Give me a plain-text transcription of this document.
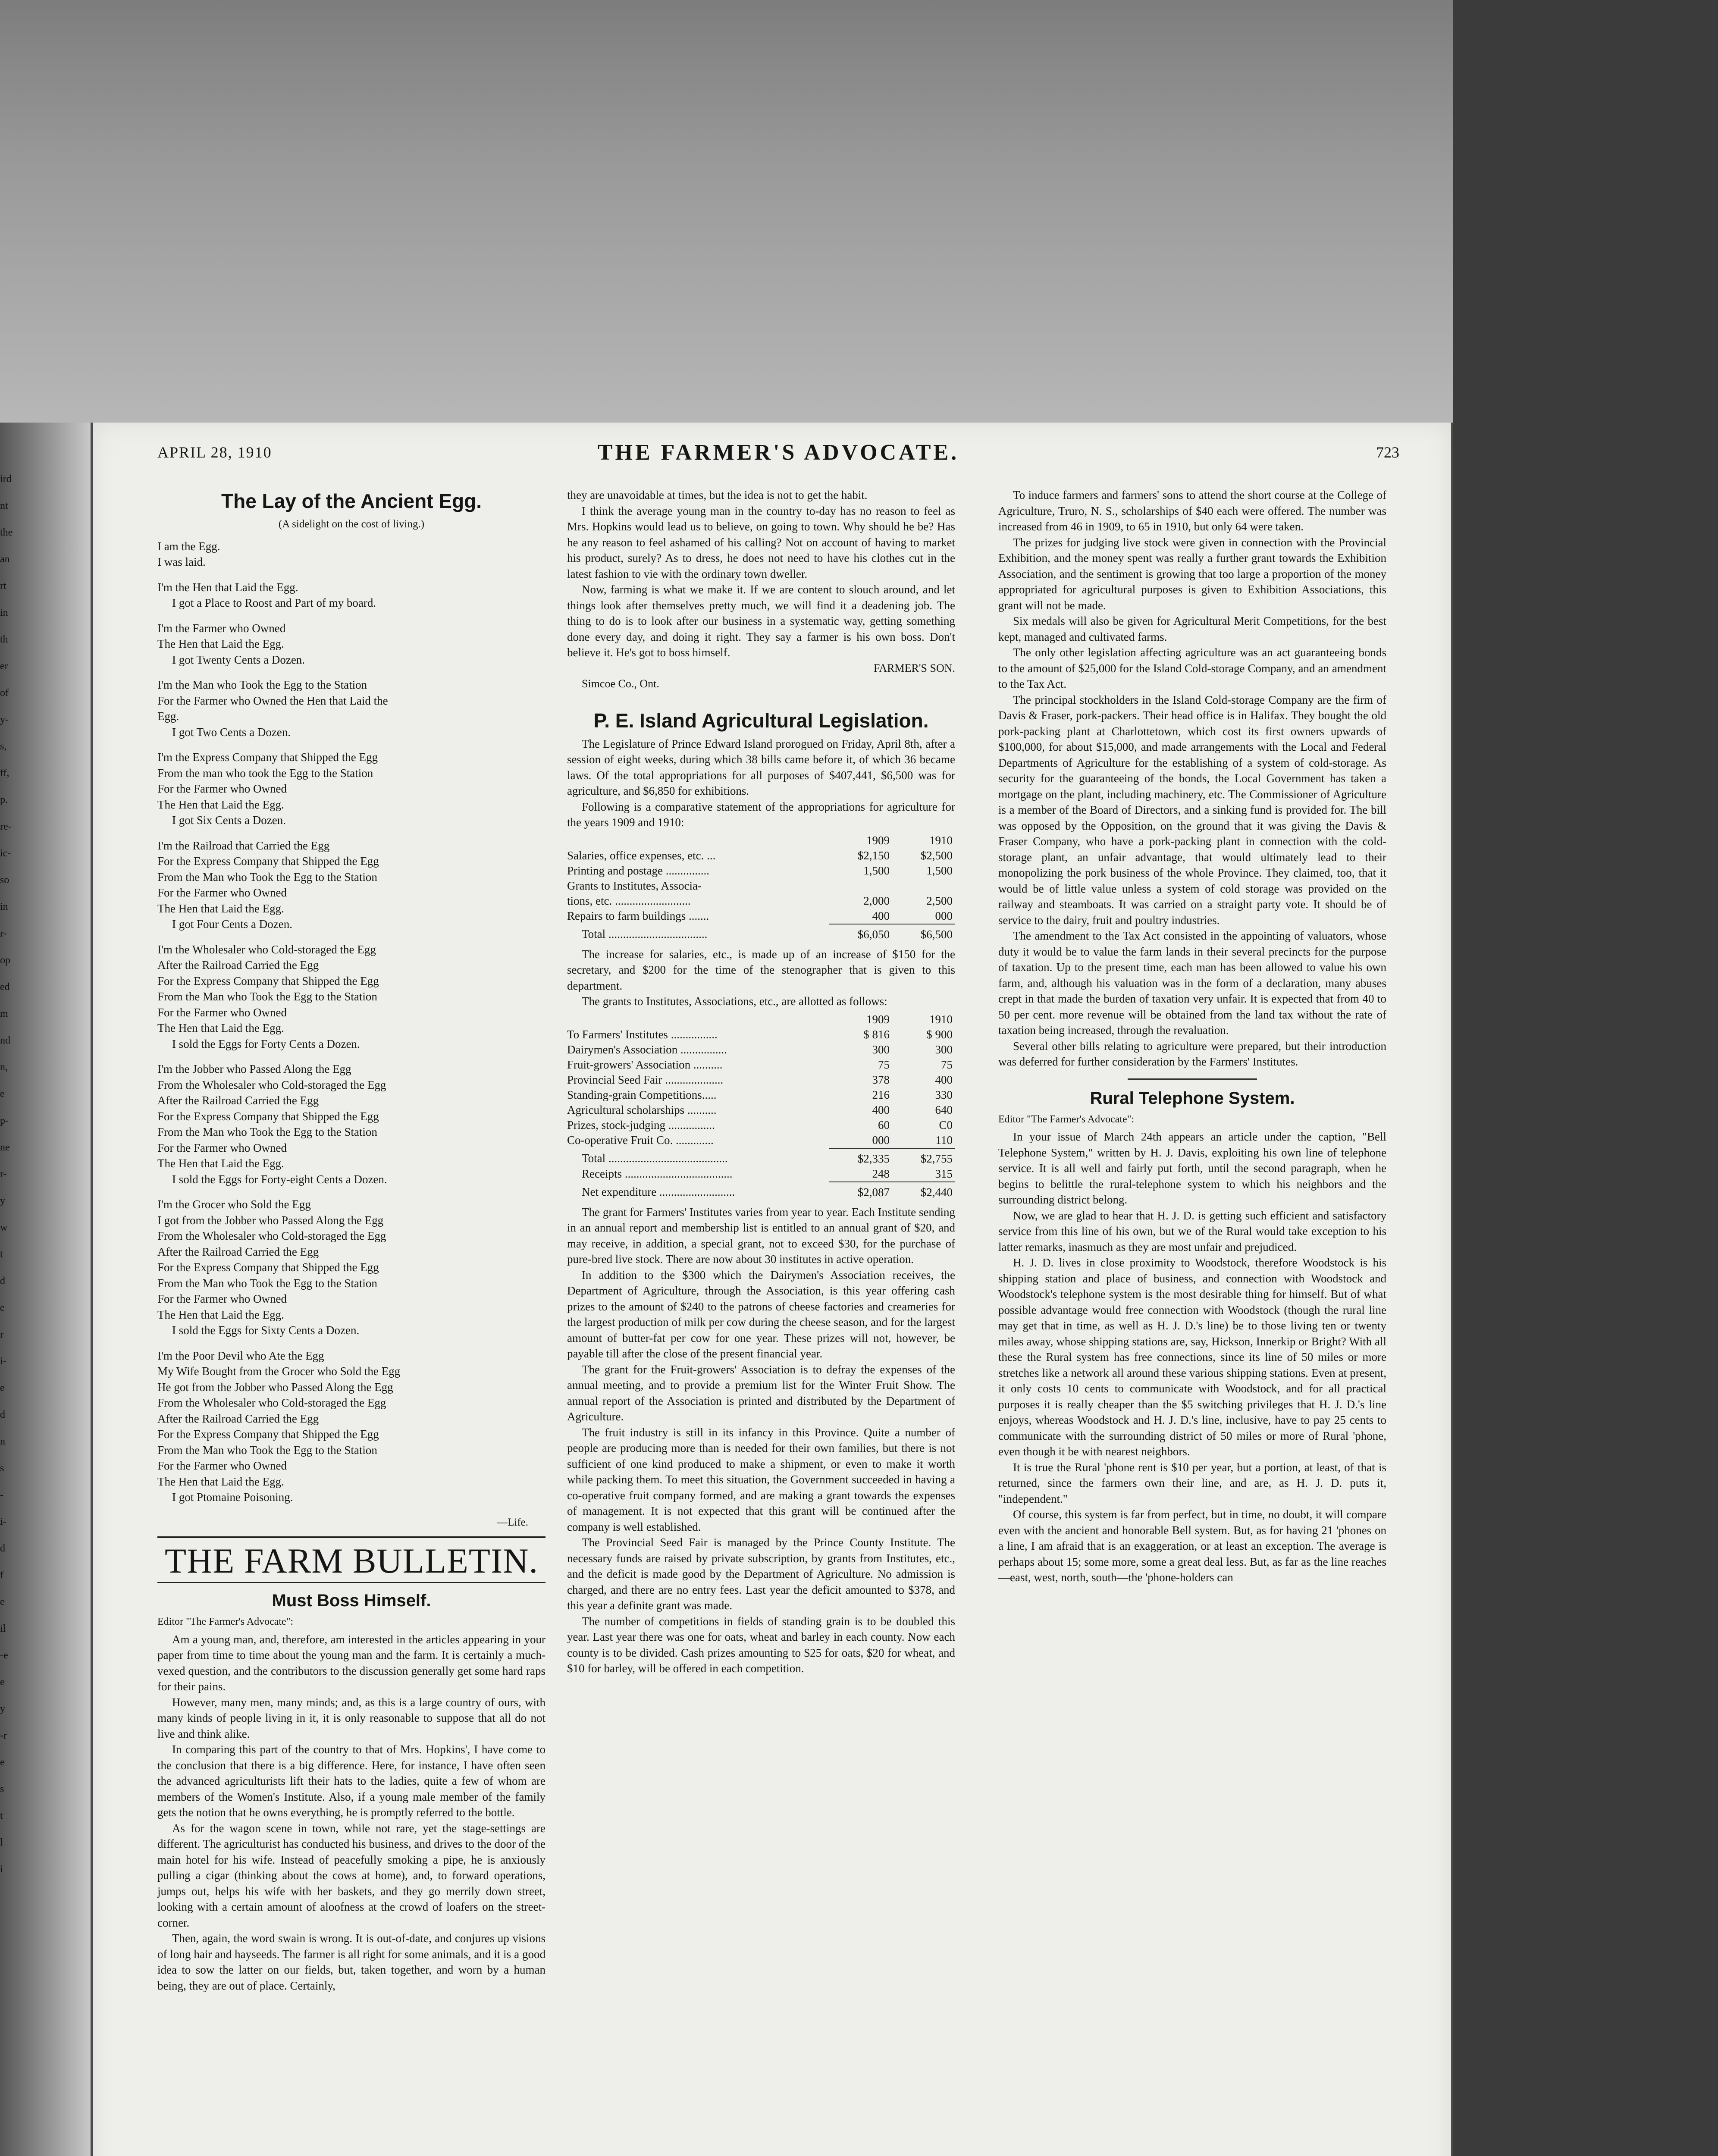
ird
nt
the
an
rt
in
th
er
of
y-
s,
ff,
p.
re-
ic-
so
in
r-
op
ed
m
nd
n,
e
p-
ne
r-
y
w
t
d
e
r
i-
e
d
n
s
-
i-
d
f
e
il
-e
e
y
-r
e
s
t
l
i
APRIL 28, 1910	THE FARMER'S ADVOCATE.	723
The Lay of the Ancient Egg.
(A sidelight on the cost of living.)
I am the Egg.
I was laid.
I'm the Hen that Laid the Egg.
I got a Place to Roost and Part of my board.
I'm the Farmer who Owned
The Hen that Laid the Egg.
I got Twenty Cents a Dozen.
I'm the Man who Took the Egg to the Station
For the Farmer who Owned the Hen that Laid the
Egg.
I got Two Cents a Dozen.
I'm the Express Company that Shipped the Egg
From the man who took the Egg to the Station
For the Farmer who Owned
The Hen that Laid the Egg.
I got Six Cents a Dozen.
I'm the Railroad that Carried the Egg
For the Express Company that Shipped the Egg
From the Man who Took the Egg to the Station
For the Farmer who Owned
The Hen that Laid the Egg.
I got Four Cents a Dozen.
I'm the Wholesaler who Cold-storaged the Egg
After the Railroad Carried the Egg
For the Express Company that Shipped the Egg
From the Man who Took the Egg to the Station
For the Farmer who Owned
The Hen that Laid the Egg.
I sold the Eggs for Forty Cents a Dozen.
I'm the Jobber who Passed Along the Egg
From the Wholesaler who Cold-storaged the Egg
After the Railroad Carried the Egg
For the Express Company that Shipped the Egg
From the Man who Took the Egg to the Station
For the Farmer who Owned
The Hen that Laid the Egg.
I sold the Eggs for Forty-eight Cents a Dozen.
I'm the Grocer who Sold the Egg
I got from the Jobber who Passed Along the Egg
From the Wholesaler who Cold-storaged the Egg
After the Railroad Carried the Egg
For the Express Company that Shipped the Egg
From the Man who Took the Egg to the Station
For the Farmer who Owned
The Hen that Laid the Egg.
I sold the Eggs for Sixty Cents a Dozen.
I'm the Poor Devil who Ate the Egg
My Wife Bought from the Grocer who Sold the Egg
He got from the Jobber who Passed Along the Egg
From the Wholesaler who Cold-storaged the Egg
After the Railroad Carried the Egg
For the Express Company that Shipped the Egg
From the Man who Took the Egg to the Station
For the Farmer who Owned
The Hen that Laid the Egg.
I got Ptomaine Poisoning.
—Life.
THE FARM BULLETIN.
Must Boss Himself.
Editor "The Farmer's Advocate":

Am a young man, and, therefore, am interested in the articles appearing in your paper from time to time about the young man and the farm. It is certainly a much-vexed question, and the contributors to the discussion generally get some hard raps for their pains.

However, many men, many minds; and, as this is a large country of ours, with many kinds of people living in it, it is only reasonable to suppose that all do not live and think alike.

In comparing this part of the country to that of Mrs. Hopkins', I have come to the conclusion that there is a big difference. Here, for instance, I have often seen the advanced agriculturists lift their hats to the ladies, quite a few of whom are members of the Women's Institute. Also, if a young male member of the family gets the notion that he owns everything, he is promptly referred to the bottle.

As for the wagon scene in town, while not rare, yet the stage-settings are different. The agriculturist has conducted his business, and drives to the door of the main hotel for his wife. Instead of peacefully smoking a pipe, he is anxiously pulling a cigar (thinking about the cows at home), and, to forward operations, jumps out, helps his wife with her baskets, and they go merrily down street, looking with a certain amount of aloofness at the crowd of loafers on the street-corner.

Then, again, the word swain is wrong. It is out-of-date, and conjures up visions of long hair and hayseeds. The farmer is all right for some animals, and it is a good idea to sow the latter on our fields, but, taken together, and worn by a human being, they are out of place. Certainly,

they are unavoidable at times, but the idea is not to get the habit.

I think the average young man in the country to-day has no reason to feel as Mrs. Hopkins would lead us to believe, on going to town. Why should he be? Has he any reason to feel ashamed of his calling? Not on account of having to market his product, surely? As to dress, he does not need to have his clothes cut in the latest fashion to vie with the ordinary town dweller.

Now, farming is what we make it. If we are content to slouch around, and let things look after themselves pretty much, we will find it a deadening job. The thing to do is to look after our business in a systematic way, getting something done every day, and doing it right. They say a farmer is his own boss. Don't believe it. He's got to boss himself.

FARMER'S SON.
Simcoe Co., Ont.
P. E. Island Agricultural Legislation.

The Legislature of Prince Edward Island prorogued on Friday, April 8th, after a session of eight weeks, during which 38 bills came before it, of which 36 became laws. Of the total appropriations for all purposes of $407,441, $6,500 was for agriculture, and $6,850 for exhibitions.

Following is a comparative statement of the appropriations for agriculture for the years 1909 and 1910:

	1909	1910
Salaries, office expenses, etc. ...	$2,150	$2,500
Printing and postage ...............	1,500	1,500
Grants to Institutes, Associa-		
tions, etc. ..........................	2,000	2,500
Repairs to farm buildings .......	400	000
Total ..................................	$6,050	$6,500

The increase for salaries, etc., is made up of an increase of $150 for the secretary, and $200 for the time of the stenographer that is given to this department.

The grants to Institutes, Associations, etc., are allotted as follows:

	1909	1910
To Farmers' Institutes ................	$ 816	$ 900
Dairymen's Association ................	300	300
Fruit-growers' Association ..........	75	75
Provincial Seed Fair ....................	378	400
Standing-grain Competitions.....	216	330
Agricultural scholarships ..........	400	640
Prizes, stock-judging ................	60	C0
Co-operative Fruit Co. .............	000	110
Total .........................................	$2,335	$2,755
Receipts .....................................	248	315
Net expenditure ..........................	$2,087	$2,440

The grant for Farmers' Institutes varies from year to year. Each Institute sending in an annual report and membership list is entitled to an annual grant of $20, and may receive, in addition, a special grant, not to exceed $30, for the purchase of pure-bred live stock. There are now about 30 institutes in active operation.

In addition to the $300 which the Dairymen's Association receives, the Department of Agriculture, through the Association, is this year offering cash prizes to the amount of $240 to the patrons of cheese factories and creameries for the largest production of milk per cow during the cheese season, and for the largest amount of butter-fat per cow for one year. These prizes will not, however, be payable till after the close of the present financial year.

The grant for the Fruit-growers' Association is to defray the expenses of the annual meeting, and to provide a premium list for the Winter Fruit Show. The annual report of the Association is printed and distributed by the Department of Agriculture.

The fruit industry is still in its infancy in this Province. Quite a number of people are producing more than is needed for their own families, but there is not sufficient of one kind produced to make a shipment, or even to make it worth while packing them. To meet this situation, the Government succeeded in having a co-operative fruit company formed, and are making a grant towards the expenses of management. It is not expected that this grant will be continued after the company is well established.

The Provincial Seed Fair is managed by the Prince County Institute. The necessary funds are raised by private subscription, by grants from Institutes, etc., and the deficit is made good by the Department of Agriculture. No admission is charged, and there are no entry fees. Last year the deficit amounted to $378, and this year a definite grant was made.

The number of competitions in fields of standing grain is to be doubled this year. Last year there was one for oats, wheat and barley in each county. Now each county is to be divided. Cash prizes amounting to $25 for oats, $20 for wheat, and $10 for barley, will be offered in each competition.

To induce farmers and farmers' sons to attend the short course at the College of Agriculture, Truro, N. S., scholarships of $40 each were offered. The number was increased from 46 in 1909, to 65 in 1910, but only 64 were taken.

The prizes for judging live stock were given in connection with the Provincial Exhibition, and the money spent was really a further grant towards the Exhibition Association, and the sentiment is growing that too large a proportion of the money appropriated for agricultural purposes is given to Exhibition Associations, this grant will not be made.

Six medals will also be given for Agricultural Merit Competitions, for the best kept, managed and cultivated farms.

The only other legislation affecting agriculture was an act guaranteeing bonds to the amount of $25,000 for the Island Cold-storage Company, and an amendment to the Tax Act.

The principal stockholders in the Island Cold-storage Company are the firm of Davis & Fraser, pork-packers. Their head office is in Halifax. They bought the old pork-packing plant at Charlottetown, which cost its first owners upwards of $100,000, for about $15,000, and made arrangements with the Local and Federal Departments of Agriculture for the establishing of a system of cold-storage. As security for the guaranteeing of the bonds, the Local Government has taken a mortgage on the plant, including machinery, etc. The Commissioner of Agriculture is a member of the Board of Directors, and a sinking fund is provided for. The bill was opposed by the Opposition, on the ground that it was giving the Davis & Fraser Company, who have a pork-packing plant in connection with the cold-storage plant, an unfair advantage, that would ultimately lead to their monopolizing the pork business of the whole Province. They claimed, too, that it would be of little value unless a system of cold storage was provided on the railway and steamboats. It was carried on a straight party vote. It should be of service to the dairy, fruit and poultry industries.

The amendment to the Tax Act consisted in the appointing of valuators, whose duty it would be to value the farm lands in their several precincts for the purpose of taxation. Up to the present time, each man has been allowed to value his own farm, and, although his valuation was in the form of a declaration, many abuses crept in that made the burden of taxation very unfair. It is expected that from 40 to 50 per cent. more revenue will be obtained from the land tax without the rate of taxation being increased, through the revaluation.

Several other bills relating to agriculture were prepared, but their introduction was deferred for further consideration by the Farmers' Institutes.

Rural Telephone System.
Editor "The Farmer's Advocate":

In your issue of March 24th appears an article under the caption, "Bell Telephone System," written by H. J. Davis, exploiting his own line of telephone service. It is all well and fairly put forth, until the second paragraph, when he begins to belittle the rural-telephone system to which his neighbors and the surrounding district belong.

Now, we are glad to hear that H. J. D. is getting such efficient and satisfactory service from this line of his own, but we of the Rural would take exception to his latter remarks, inasmuch as they are most unfair and prejudiced.

H. J. D. lives in close proximity to Woodstock, therefore Woodstock is his shipping station and place of business, and connection with Woodstock and Woodstock's telephone system is the most desirable thing for himself. But of what possible advantage would free connection with Woodstock (though the rural line may get that in time, as well as H. J. D.'s line) be to those living ten or twenty miles away, whose shipping stations are, say, Hickson, Innerkip or Bright? With all these the Rural system has free connections, since its line of 50 miles or more stretches like a network all around these various shipping stations. Even at present, it only costs 10 cents to communicate with Woodstock, and for all practical purposes it is really cheaper than the $5 switching privileges that H. J. D.'s line enjoys, whereas Woodstock and H. J. D.'s line, inclusive, have to pay 25 cents to communicate with the surrounding district of 50 miles or more of Rural 'phone, even though it be with nearest neighbors.

It is true the Rural 'phone rent is $10 per year, but a portion, at least, of that is returned, since the farmers own their line, and are, as H. J. D. puts it, "independent."

Of course, this system is far from perfect, but in time, no doubt, it will compare even with the ancient and honorable Bell system. But, as for having 21 'phones on a line, I am afraid that is an exaggeration, or at least an exception. The average is perhaps about 15; some more, some a great deal less. But, as far as the line reaches—east, west, north, south—the 'phone-holders can
